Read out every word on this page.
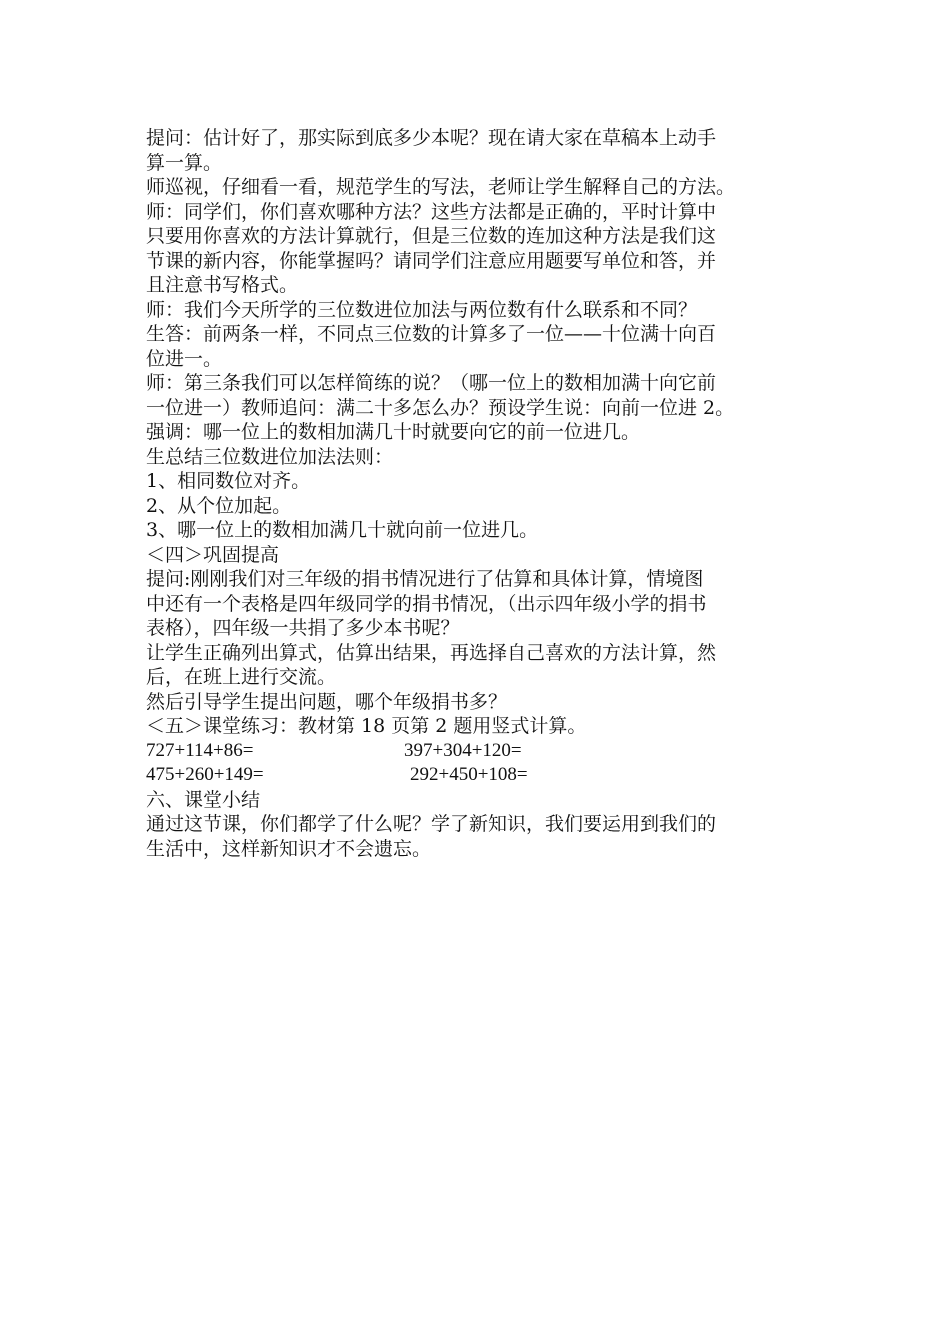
提问：估计好了，那实际到底多少本呢？现在请大家在草稿本上动手
算一算。
师巡视，仔细看一看，规范学生的写法，老师让学生解释自己的方法。
师：同学们，你们喜欢哪种方法？这些方法都是正确的，平时计算中
只要用你喜欢的方法计算就行，但是三位数的连加这种方法是我们这
节课的新内容，你能掌握吗？请同学们注意应用题要写单位和答，并
且注意书写格式。
师：我们今天所学的三位数进位加法与两位数有什么联系和不同？
生答：前两条一样，不同点三位数的计算多了一位——十位满十向百
位进一。
师：第三条我们可以怎样简练的说？（哪一位上的数相加满十向它前
一位进一）教师追问：满二十多怎么办？预设学生说：向前一位进 2。
强调：哪一位上的数相加满几十时就要向它的前一位进几。
生总结三位数进位加法法则：
1、相同数位对齐。
2、从个位加起。
3、哪一位上的数相加满几十就向前一位进几。
＜四＞巩固提高
提问:刚刚我们对三年级的捐书情况进行了估算和具体计算，情境图
中还有一个表格是四年级同学的捐书情况，（出示四年级小学的捐书
表格），四年级一共捐了多少本书呢？
让学生正确列出算式，估算出结果，再选择自己喜欢的方法计算，然
后，在班上进行交流。
然后引导学生提出问题，哪个年级捐书多？
＜五＞课堂练习：教材第 18 页第 2 题用竖式计算。
727+114+86=	397+304+120=
475+260+149=	292+450+108=
六、课堂小结
通过这节课，你们都学了什么呢？学了新知识，我们要运用到我们的
生活中，这样新知识才不会遗忘。
